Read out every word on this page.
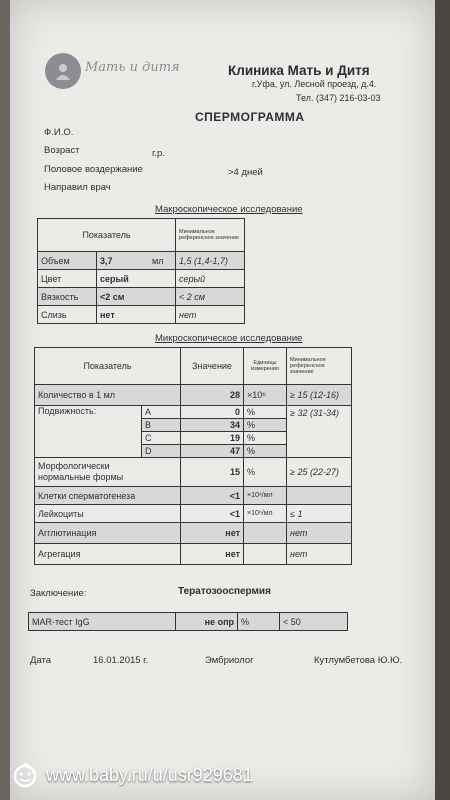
Мать и дитя	Клиника Мать и Дитя
г.Уфа, ул. Лесной проезд, д.4.
Тел. (347) 216-03-03
СПЕРМОГРАММА
Ф.И.О.
Возраст	г.р.
Половое воздержание	>4 дней
Направил врач
Макроскопическое исследование
Показатель			Минимальное референсное значение
Объем	3,7	мл	1,5 (1,4-1,7)
Цвет	серый		серый
Вязкость	<2 см		< 2 см
Слизь	нет		нет
Микроскопическое исследование
Показатель		Значение	Единицы измерения	Минимальное референсное значение
Количество в 1 мл		28	×10⁶	≥ 15 (12-16)
Подвижность:	A	0	%	≥ 32 (31-34)
	B	34	%	
	C	19	%	
	D	47	%	
Морфологически
нормальные формы		15	%	≥ 25 (22-27)
Клетки сперматогенеза		<1	×10⁶/мл	
Лейкоциты		<1	×10⁶/мл	≤ 1
Агглютинация		нет		нет
Агрегация		нет		нет
Заключение:	Тератозооспермия
MAR-тест IgG	не опр	%	< 50
Дата	16.01.2015 г.	Эмбриолог	Кутлумбетова Ю.Ю.
www.baby.ru/u/usr929681
